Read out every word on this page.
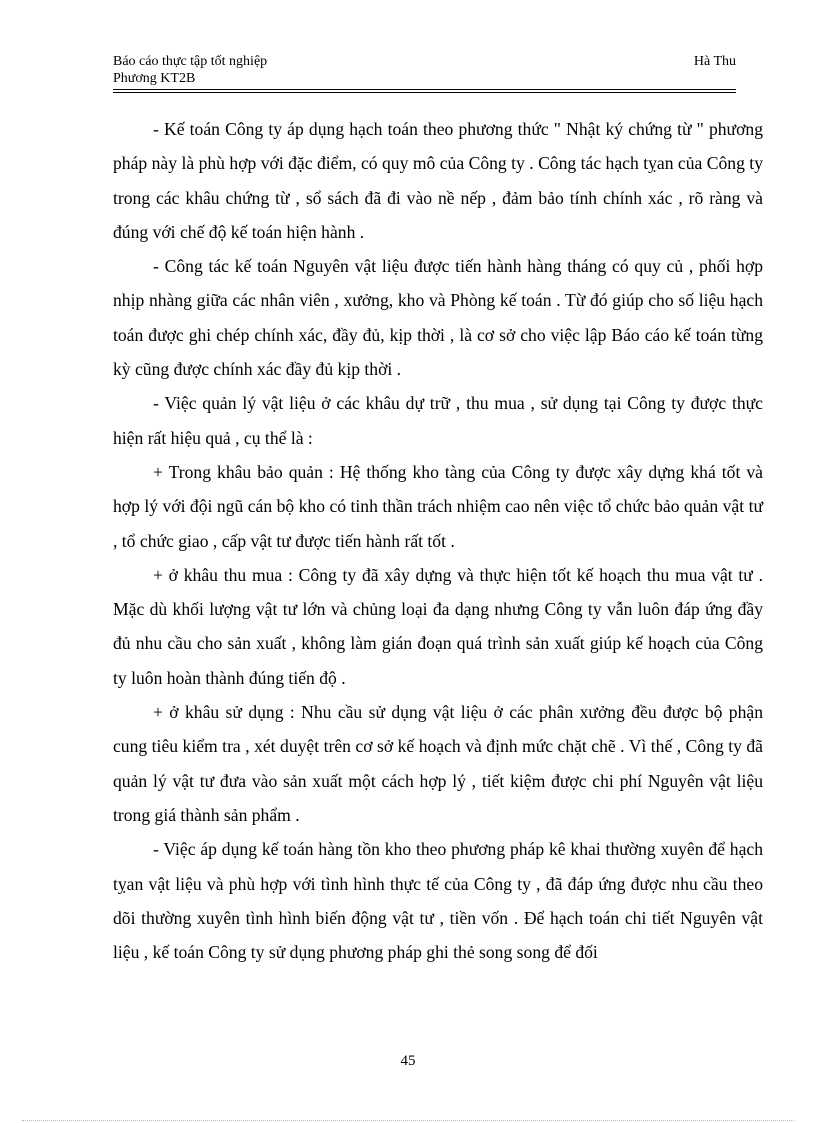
Báo cáo thực tập tốt nghiệp
Phương KT2B
Hà Thu

- Kế toán Công ty áp dụng hạch toán theo phương thức " Nhật ký chứng từ " phương pháp này là phù hợp với đặc điểm, có quy mô của Công ty . Công tác hạch tỵan của Công ty trong các khâu chứng từ , sổ sách đã đi vào nề nếp , đảm bảo tính chính xác , rõ ràng và đúng với chế độ kế toán hiện hành .

- Công tác kế toán Nguyên vật liệu được tiến hành hàng tháng có quy củ , phối hợp nhịp nhàng giữa các nhân viên , xưởng, kho và Phòng kế toán . Từ đó giúp cho số liệu hạch toán được ghi chép chính xác, đầy đủ, kịp thời , là cơ sở cho việc lập Báo cáo kế toán từng kỳ cũng được chính xác đầy đủ kịp thời .

- Việc quản lý vật liệu ở các khâu dự trữ , thu mua , sử dụng tại Công ty được thực hiện rất hiệu quả , cụ thể là :

+ Trong khâu bảo quản : Hệ thống kho tàng của Công ty được xây dựng khá tốt và hợp lý với đội ngũ cán bộ kho có tinh thần trách nhiệm cao nên việc tổ chức bảo quản vật tư , tổ chức giao , cấp vật tư được tiến hành rất tốt .

+ ở khâu thu mua : Công ty đã xây dựng và thực hiện tốt kế hoạch thu mua vật tư . Mặc dù khối lượng vật tư lớn và chủng loại đa dạng nhưng Công ty vẫn luôn đáp ứng đầy đủ nhu cầu cho sản xuất , không làm gián đoạn quá trình sản xuất giúp kế hoạch của Công ty luôn hoàn thành đúng tiến độ .

+ ở khâu sử dụng : Nhu cầu sử dụng vật liệu ở các phân xưởng đều được bộ phận cung tiêu kiểm tra , xét duyệt trên cơ sở kế hoạch và định mức chặt chẽ . Vì thế , Công ty đã quản lý vật tư đưa vào sản xuất một cách hợp lý , tiết kiệm được chi phí Nguyên vật liệu trong giá thành sản phẩm .

- Việc áp dụng kế toán hàng tồn kho theo phương pháp kê khai thường xuyên để hạch tỵan vật liệu và phù hợp với tình hình thực tế của Công ty , đã đáp ứng được nhu cầu theo dõi thường xuyên tình hình biến động vật tư , tiền vốn . Để hạch toán chi tiết Nguyên vật liệu , kế toán Công ty sử dụng phương pháp ghi thẻ song song để đối

45
